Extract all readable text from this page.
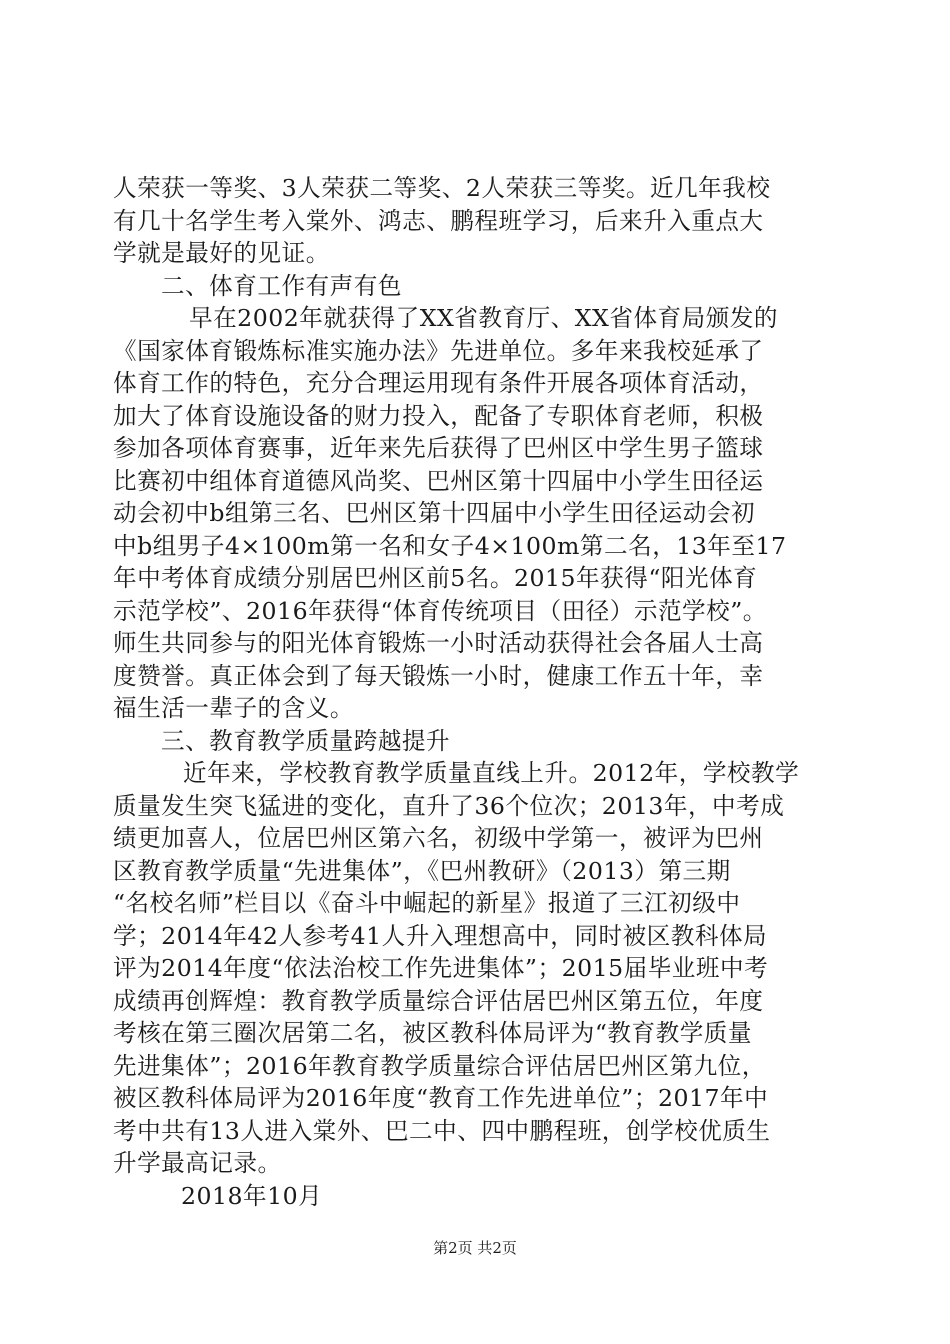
人荣获一等奖、3人荣获二等奖、2人荣获三等奖。近几年我校
有几十名学生考入棠外、鸿志、鹏程班学习，后来升入重点大
学就是最好的见证。
二、体育工作有声有色
早在2002年就获得了XX省教育厅、XX省体育局颁发的
《国家体育锻炼标准实施办法》先进单位。多年来我校延承了
体育工作的特色，充分合理运用现有条件开展各项体育活动，
加大了体育设施设备的财力投入，配备了专职体育老师，积极
参加各项体育赛事，近年来先后获得了巴州区中学生男子篮球
比赛初中组体育道德风尚奖、巴州区第十四届中小学生田径运
动会初中b组第三名、巴州区第十四届中小学生田径运动会初
中b组男子4×100m第一名和女子4×100m第二名，13年至17
年中考体育成绩分别居巴州区前5名。2015年获得“阳光体育
示范学校”、2016年获得“体育传统项目（田径）示范学校”。
师生共同参与的阳光体育锻炼一小时活动获得社会各届人士高
度赞誉。真正体会到了每天锻炼一小时，健康工作五十年，幸
福生活一辈子的含义。
三、教育教学质量跨越提升
近年来，学校教育教学质量直线上升。2012年，学校教学
质量发生突飞猛进的变化，直升了36个位次；2013年，中考成
绩更加喜人，位居巴州区第六名，初级中学第一，被评为巴州
区教育教学质量“先进集体”，《巴州教研》（2013）第三期
“名校名师”栏目以《奋斗中崛起的新星》报道了三江初级中
学；2014年42人参考41人升入理想高中，同时被区教科体局
评为2014年度“依法治校工作先进集体”；2015届毕业班中考
成绩再创辉煌：教育教学质量综合评估居巴州区第五位，年度
考核在第三圈次居第二名，被区教科体局评为“教育教学质量
先进集体”；2016年教育教学质量综合评估居巴州区第九位，
被区教科体局评为2016年度“教育工作先进单位”；2017年中
考中共有13人进入棠外、巴二中、四中鹏程班，创学校优质生
升学最高记录。
2018年10月
第2页 共2页
